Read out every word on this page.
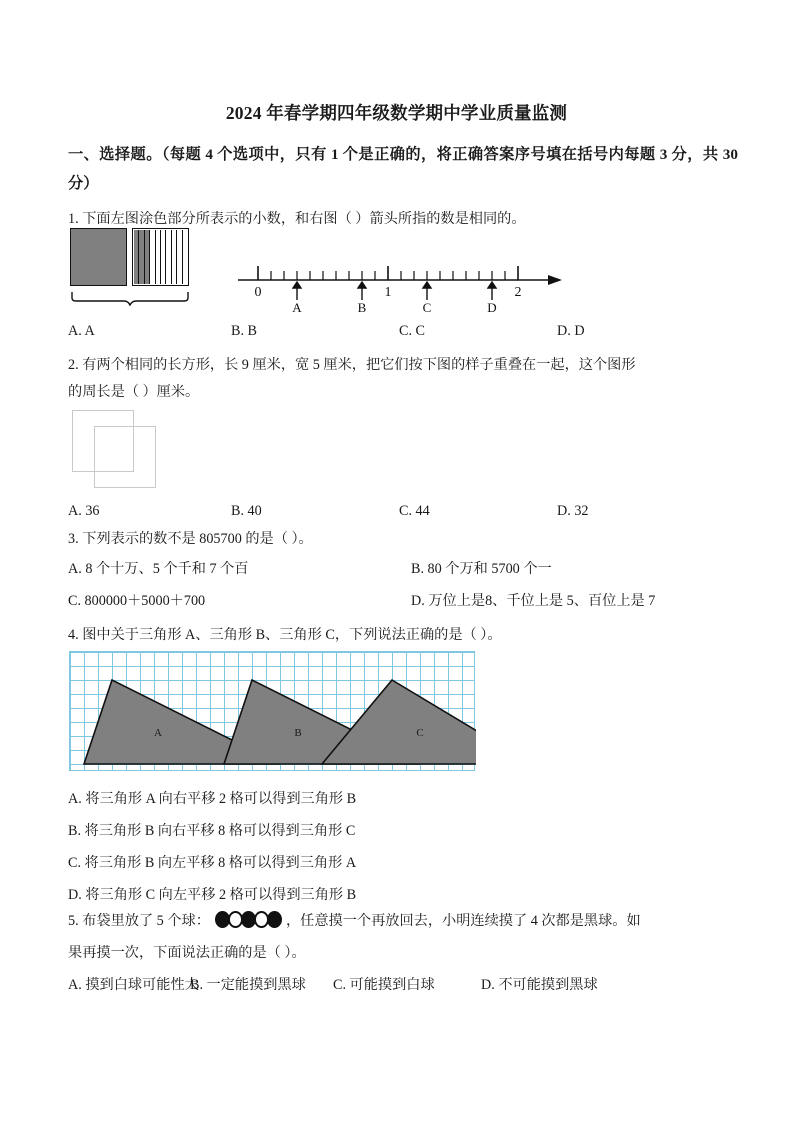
2024 年春学期四年级数学期中学业质量监测
一、选择题。（每题 4 个选项中，只有 1 个是正确的，将正确答案序号填在括号内每题 3 分，共 30 分）
1. 下面左图涂色部分所表示的小数，和右图（ ）箭头所指的数是相同的。
0	1	2
A	B	C	D
A. A	B. B	C. C	D. D
2. 有两个相同的长方形，长 9 厘米，宽 5 厘米，把它们按下图的样子重叠在一起，这个图形
的周长是（ ）厘米。
A. 36	B. 40	C. 44	D. 32
3. 下列表示的数不是 805700 的是（ ）。
A. 8 个十万、5 个千和 7 个百	B. 80 个万和 5700 个一
C. 800000＋5000＋700	D. 万位上是8、千位上是 5、百位上是 7
4. 图中关于三角形 A、三角形 B、三角形 C，下列说法正确的是（ ）。
A	B	C
A. 将三角形 A 向右平移 2 格可以得到三角形 B
B. 将三角形 B 向右平移 8 格可以得到三角形 C
C. 将三角形 B 向左平移 8 格可以得到三角形 A
D. 将三角形 C 向左平移 2 格可以得到三角形 B
5. 布袋里放了 5 个球：	，任意摸一个再放回去，小明连续摸了 4 次都是黑球。如
果再摸一次，下面说法正确的是（ ）。
A. 摸到白球可能性大
B. 一定能摸到黑球 C. 可能摸到白球	D. 不可能摸到黑球
